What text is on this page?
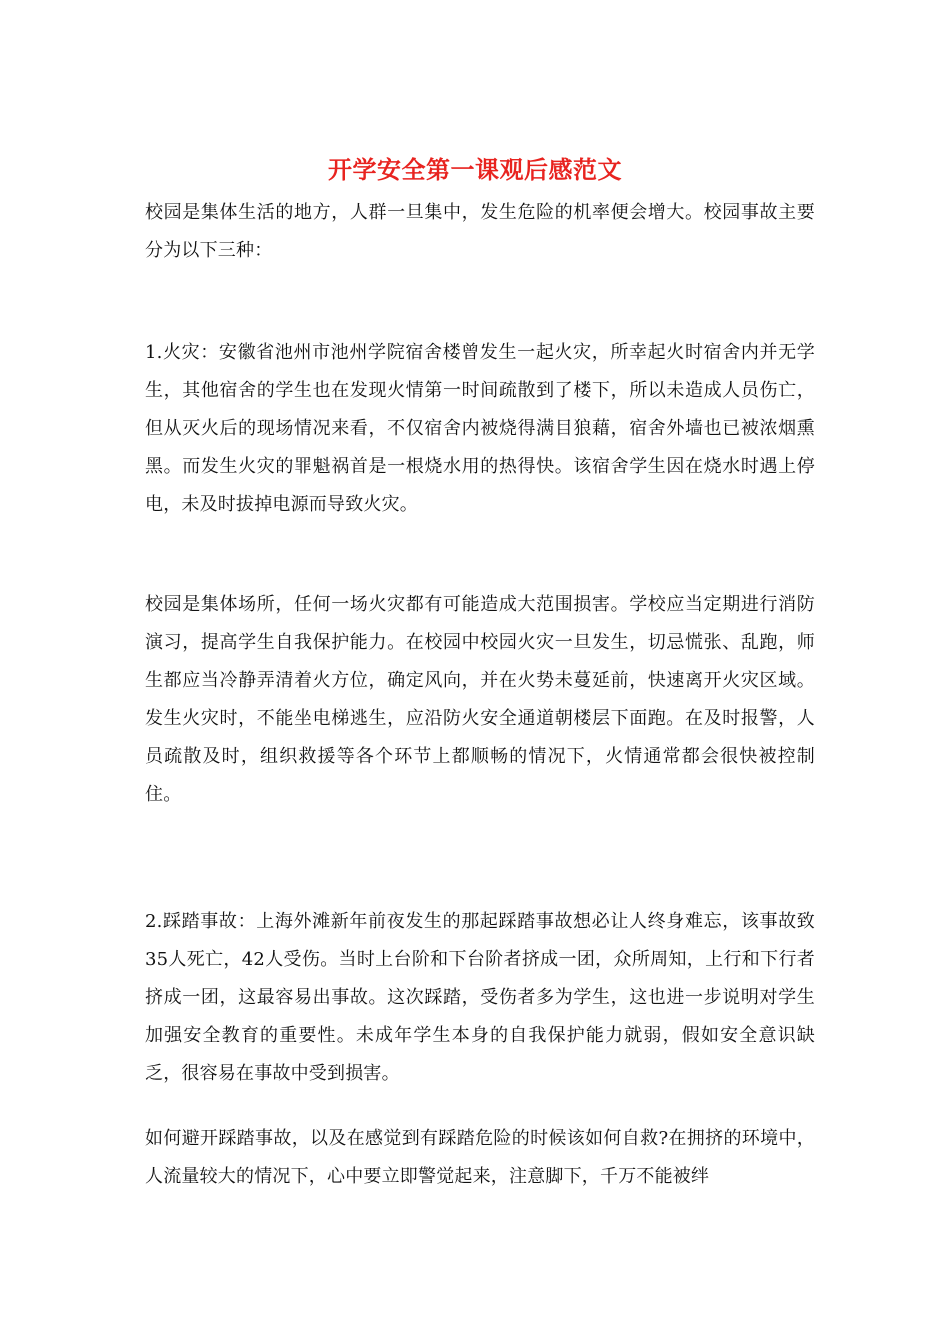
开学安全第一课观后感范文

校园是集体生活的地方，人群一旦集中，发生危险的机率便会增大。校园事故主要分为以下三种：

1.火灾：安徽省池州市池州学院宿舍楼曾发生一起火灾，所幸起火时宿舍内并无学生，其他宿舍的学生也在发现火情第一时间疏散到了楼下，所以未造成人员伤亡，但从灭火后的现场情况来看，不仅宿舍内被烧得满目狼藉，宿舍外墙也已被浓烟熏黑。而发生火灾的罪魁祸首是一根烧水用的热得快。该宿舍学生因在烧水时遇上停电，未及时拔掉电源而导致火灾。

校园是集体场所，任何一场火灾都有可能造成大范围损害。学校应当定期进行消防演习，提高学生自我保护能力。在校园中校园火灾一旦发生，切忌慌张、乱跑，师生都应当冷静弄清着火方位，确定风向，并在火势未蔓延前，快速离开火灾区域。发生火灾时，不能坐电梯逃生，应沿防火安全通道朝楼层下面跑。在及时报警，人员疏散及时，组织救援等各个环节上都顺畅的情况下，火情通常都会很快被控制住。

2.踩踏事故：上海外滩新年前夜发生的那起踩踏事故想必让人终身难忘，该事故致35人死亡，42人受伤。当时上台阶和下台阶者挤成一团，众所周知，上行和下行者挤成一团，这最容易出事故。这次踩踏，受伤者多为学生，这也进一步说明对学生加强安全教育的重要性。未成年学生本身的自我保护能力就弱，假如安全意识缺乏，很容易在事故中受到损害。

如何避开踩踏事故，以及在感觉到有踩踏危险的时候该如何自救?在拥挤的环境中，人流量较大的情况下，心中要立即警觉起来，注意脚下，千万不能被绊
